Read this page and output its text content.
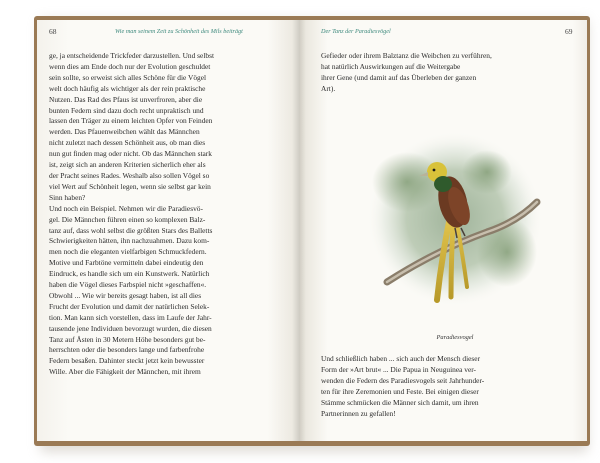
68	Wie man seinem Zeit zu Schönheit des Mils beiträgt
ge, ja entscheidende Trickfeder darzustellen. Und selbst
wenn dies am Ende doch nur der Evolution geschuldet
sein sollte, so erweist sich alles Schöne für die Vögel
welt doch häufig als wichtiger als der rein praktische
Nutzen. Das Rad des Pfaus ist unverfroren, aber die
bunten Federn sind dazu doch recht unpraktisch und
lassen den Träger zu einem leichten Opfer von Feinden
werden. Das Pfauenweibchen wählt das Männchen
nicht zuletzt nach dessen Schönheit aus, ob man dies
nun gut finden mag oder nicht. Ob das Männchen stark
ist, zeigt sich an anderen Kriterien sicherlich eher als
der Pracht seines Rades. Weshalb also sollen Vögel so
viel Wert auf Schönheit legen, wenn sie selbst gar kein
Sinn haben?
Und noch ein Beispiel. Nehmen wir die Paradiesvö-
gel. Die Männchen führen einen so komplexen Balz-
tanz auf, dass wohl selbst die größten Stars des Balletts
Schwierigkeiten hätten, ihn nachzuahmen. Dazu kom-
men noch die eleganten vielfarbigen Schmuckfedern.
Motive und Farbtöne vermitteln dabei eindeutig den
Eindruck, es handle sich um ein Kunstwerk. Natürlich
haben die Vögel dieses Farbspiel nicht »geschaffen«.
Obwohl ... Wie wir bereits gesagt haben, ist all dies
Frucht der Evolution und damit der natürlichen Selek-
tion. Man kann sich vorstellen, dass im Laufe der Jahr-
tausende jene Individuen bevorzugt wurden, die diesen
Tanz auf Ästen in 30 Metern Höhe besonders gut be-
herrschten oder die besonders lange und farbenfrohe
Federn besaßen. Dahinter steckt jetzt kein bewusster
Wille. Aber die Fähigkeit der Männchen, mit ihrem
Der Tanz der Paradiesvögel	69
Gefieder oder ihrem Balztanz die Weibchen zu verführen,
hat natürlich Auswirkungen auf die Weitergabe
ihrer Gene (und damit auf das Überleben der ganzen
Art).
Paradiesvogel
Und schließlich haben ... sich auch der Mensch dieser
Form der »Art brut« ... Die Papua in Neuguinea ver-
wenden die Federn des Paradiesvogels seit Jahrhunder-
ten für ihre Zeremonien und Feste. Bei einigen dieser
Stämme schmücken die Männer sich damit, um ihren
Partnerinnen zu gefallen!
